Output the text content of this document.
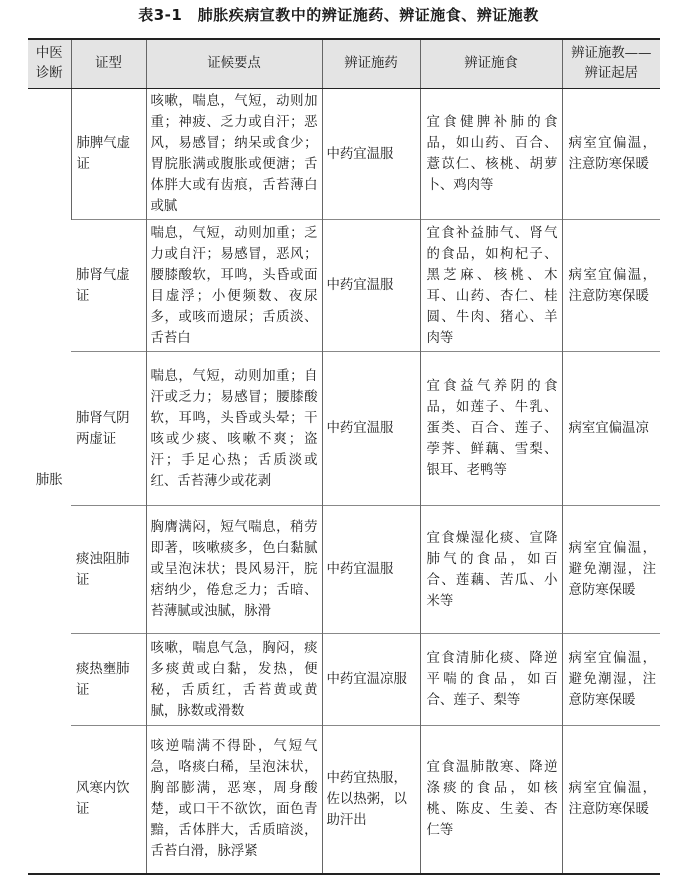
表3-1　肺胀疾病宣教中的辨证施药、辨证施食、辨证施教
中医诊断	证型	证候要点	辨证施药	辨证施食	辨证施教——辨证起居
肺胀	肺脾气虚证	咳嗽，喘息，气短，动则加重；神疲、乏力或自汗；恶风，易感冒；纳呆或食少；胃脘胀满或腹胀或便溏；舌体胖大或有齿痕，舌苔薄白或腻	中药宜温服	宜食健脾补肺的食品，如山药、百合、薏苡仁、核桃、胡萝卜、鸡肉等	病室宜偏温，注意防寒保暖
	肺肾气虚证	喘息，气短，动则加重；乏力或自汗；易感冒，恶风；腰膝酸软，耳鸣，头昏或面目虚浮；小便频数、夜尿多，或咳而遗尿；舌质淡、舌苔白	中药宜温服	宜食补益肺气、肾气的食品，如枸杞子、黑芝麻、核桃、木耳、山药、杏仁、桂圆、牛肉、猪心、羊肉等	病室宜偏温，注意防寒保暖
	肺肾气阴两虚证	喘息，气短，动则加重；自汗或乏力；易感冒；腰膝酸软，耳鸣，头昏或头晕；干咳或少痰、咳嗽不爽；盗汗；手足心热；舌质淡或红、舌苔薄少或花剥	中药宜温服	宜食益气养阴的食品，如莲子、牛乳、蛋类、百合、莲子、荸荠、鲜藕、雪梨、银耳、老鸭等	病室宜偏温凉
	痰浊阻肺证	胸膺满闷，短气喘息，稍劳即著，咳嗽痰多，色白黏腻或呈泡沫状；畏风易汗，脘痞纳少，倦怠乏力；舌暗、苔薄腻或浊腻，脉滑	中药宜温服	宜食燥湿化痰、宣降肺气的食品，如百合、莲藕、苦瓜、小米等	病室宜偏温，避免潮湿，注意防寒保暖
	痰热壅肺证	咳嗽，喘息气急，胸闷，痰多痰黄或白黏，发热，便秘，舌质红，舌苔黄或黄腻，脉数或滑数	中药宜温凉服	宜食清肺化痰、降逆平喘的食品，如百合、莲子、梨等	病室宜偏温，避免潮湿，注意防寒保暖
	风寒内饮证	咳逆喘满不得卧，气短气急，咯痰白稀，呈泡沫状，胸部膨满，恶寒，周身酸楚，或口干不欲饮，面色青黯，舌体胖大，舌质暗淡，舌苔白滑，脉浮紧	中药宜热服，佐以热粥，以助汗出	宜食温肺散寒、降逆涤痰的食品，如核桃、陈皮、生姜、杏仁等	病室宜偏温，注意防寒保暖
